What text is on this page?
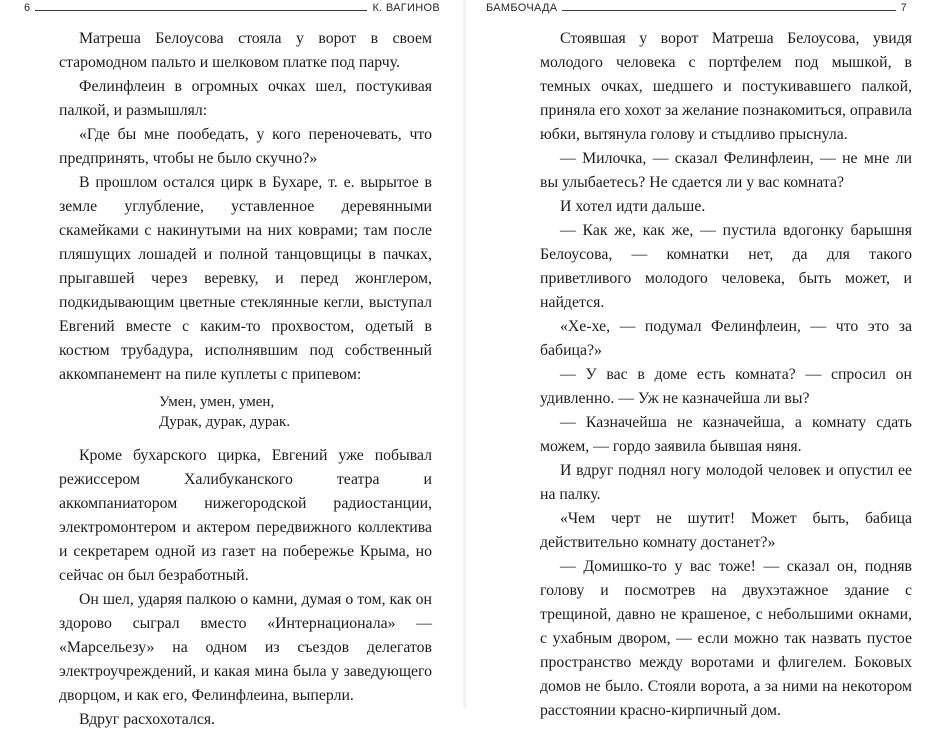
6	К. ВАГИНОВ

Матреша Белоусова стояла у ворот в своем старомодном пальто и шелковом платке под парчу.

Фелинфлеин в огромных очках шел, постукивая палкой, и размышлял:

«Где бы мне пообедать, у кого переночевать, что предпринять, чтобы не было скучно?»

В прошлом остался цирк в Бухаре, т. е. вырытое в земле углубление, уставленное деревянными скамейками с накинутыми на них коврами; там после пляшущих лошадей и полной танцовщицы в пачках, прыгавшей через веревку, и перед жонглером, подкидывающим цветные стеклянные кегли, выступал Евгений вместе с каким-то прохвостом, одетый в костюм трубадура, исполнявшим под собственный аккомпанемент на пиле куплеты с припевом:

Умен, умен, умен,
Дурак, дурак, дурак.

Кроме бухарского цирка, Евгений уже побывал режиссером Халибуканского театра и аккомпаниатором нижегородской радиостанции, электромонтером и актером передвижного коллектива и секретарем одной из газет на побережье Крыма, но сейчас он был безработный.

Он шел, ударяя палкою о камни, думая о том, как он здорово сыграл вместо «Интернационала» — «Марсельезу» на одном из съездов делегатов электроучреждений, и какая мина была у заведующего дворцом, и как его, Фелинфлеина, выперли.

Вдруг расхохотался.

БАМБОЧАДА	7

Стоявшая у ворот Матреша Белоусова, увидя молодого человека с портфелем под мышкой, в темных очках, шедшего и постукивавшего палкой, приняла его хохот за желание познакомиться, оправила юбки, вытянула голову и стыдливо прыснула.

— Милочка, — сказал Фелинфлеин, — не мне ли вы улыбаетесь? Не сдается ли у вас комната?

И хотел идти дальше.

— Как же, как же, — пустила вдогонку барышня Белоусова, — комнатки нет, да для такого приветливого молодого человека, быть может, и найдется.

«Хе-хе, — подумал Фелинфлеин, — что это за бабица?»

— У вас в доме есть комната? — спросил он удивленно. — Уж не казначейша ли вы?

— Казначейша не казначейша, а комнату сдать можем, — гордо заявила бывшая няня.

И вдруг поднял ногу молодой человек и опустил ее на палку.

«Чем черт не шутит! Может быть, бабица действительно комнату достанет?»

— Домишко-то у вас тоже! — сказал он, подняв голову и посмотрев на двухэтажное здание с трещиной, давно не крашеное, с небольшими окнами, с ухабным двором, — если можно так назвать пустое пространство между воротами и флигелем. Боковых домов не было. Стояли ворота, а за ними на некотором расстоянии красно-кирпичный дом.
